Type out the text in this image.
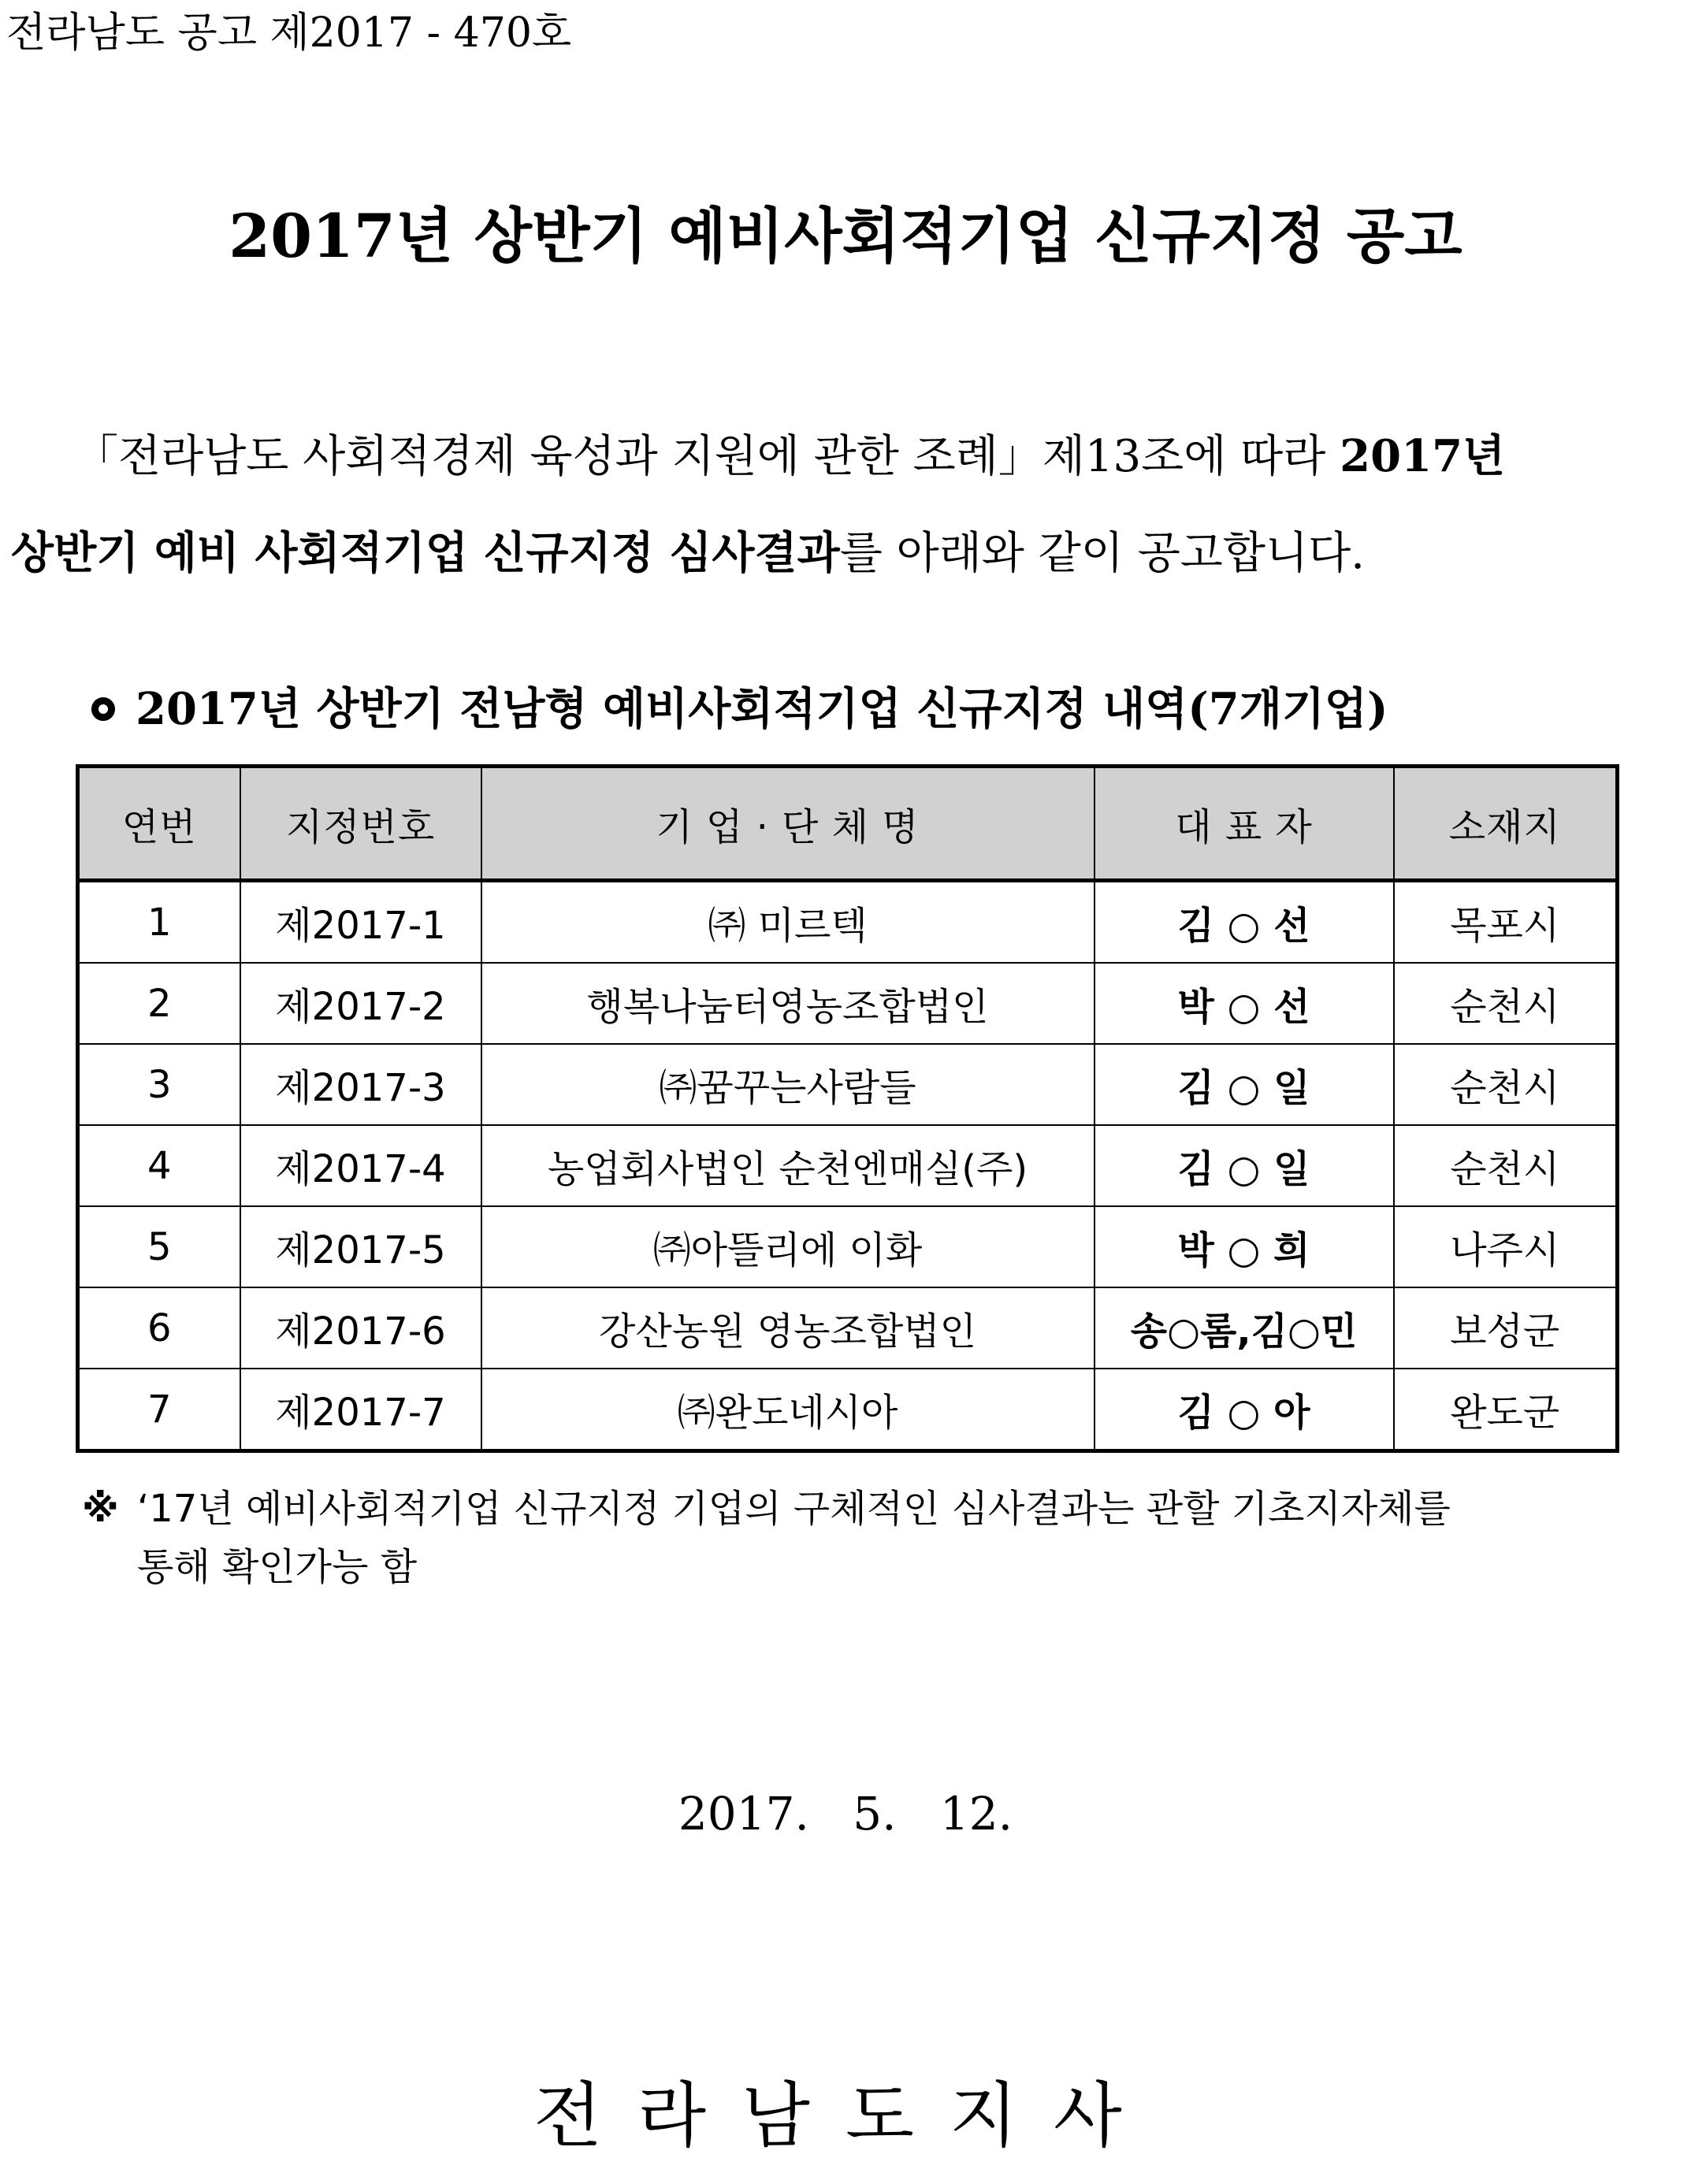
전라남도 공고 제2017 - 470호
2017년 상반기 예비사회적기업 신규지정 공고
「전라남도 사회적경제 육성과 지원에 관한 조례」제13조에 따라 2017년
상반기 예비 사회적기업 신규지정 심사결과를 아래와 같이 공고합니다.
2017년 상반기 전남형 예비사회적기업 신규지정 내역(7개기업)
연번	지정번호	기 업 · 단 체 명	대 표 자	소재지
1	제2017-1	㈜ 미르텍	김 ○ 선	목포시
2	제2017-2	행복나눔터영농조합법인	박 ○ 선	순천시
3	제2017-3	㈜꿈꾸는사람들	김 ○ 일	순천시
4	제2017-4	농업회사법인 순천엔매실(주)	김 ○ 일	순천시
5	제2017-5	㈜아뜰리에 이화	박 ○ 희	나주시
6	제2017-6	강산농원 영농조합법인	송○롬,김○민	보성군
7	제2017-7	㈜완도네시아	김 ○ 아	완도군
※ ‘17년 예비사회적기업 신규지정 기업의 구체적인 심사결과는 관할 기초지자체를
통해 확인가능 함
2017.   5.   12.
전라남도지사
